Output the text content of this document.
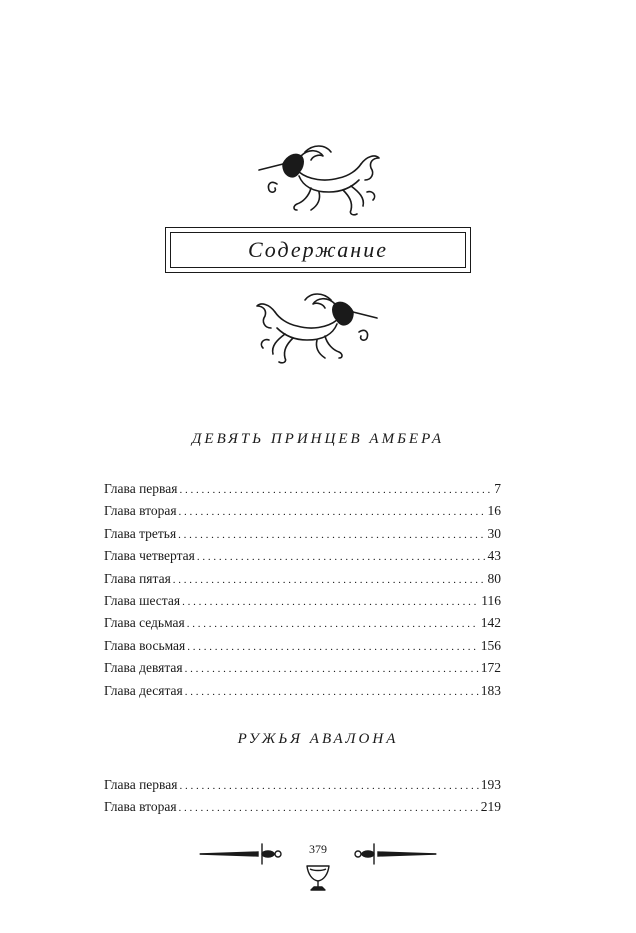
Содержание
ДЕВЯТЬ ПРИНЦЕВ АМБЕРА
Глава первая . . .	7
Глава вторая . . .	16
Глава третья . . .	30
Глава четвертая . . .	43
Глава пятая . . .	80
Глава шестая . . .	116
Глава седьмая . . .	142
Глава восьмая . . .	156
Глава девятая . . .	172
Глава десятая . . .	183
РУЖЬЯ АВАЛОНА
Глава первая . . .	193
Глава вторая . . .	219
379
